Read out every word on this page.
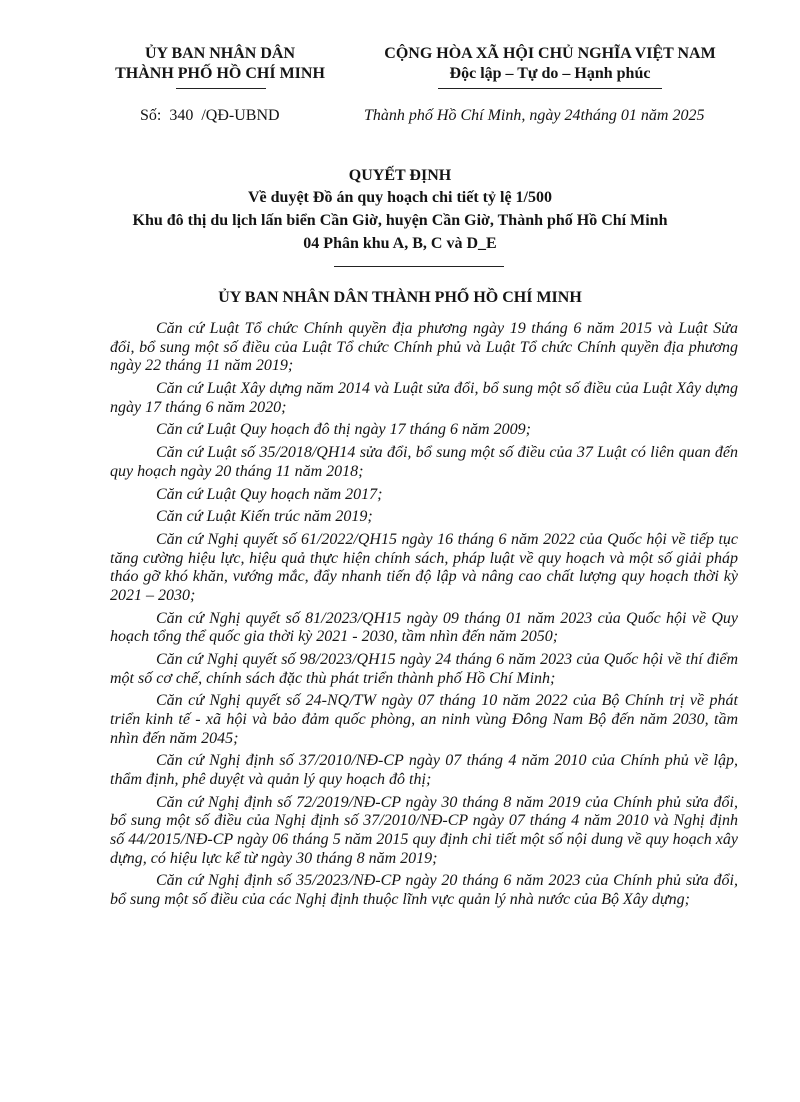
ỦY BAN NHÂN DÂN
THÀNH PHỐ HỒ CHÍ MINH
CỘNG HÒA XÃ HỘI CHỦ NGHĨA VIỆT NAM
Độc lập – Tự do – Hạnh phúc
Số:  340  /QĐ-UBND	Thành phố Hồ Chí Minh, ngày 24tháng 01 năm 2025
QUYẾT ĐỊNH
Về duyệt Đồ án quy hoạch chi tiết tỷ lệ 1/500
Khu đô thị du lịch lấn biển Cần Giờ, huyện Cần Giờ, Thành phố Hồ Chí Minh
04 Phân khu A, B, C và D_E
ỦY BAN NHÂN DÂN THÀNH PHỐ HỒ CHÍ MINH

Căn cứ Luật Tổ chức Chính quyền địa phương ngày 19 tháng 6 năm 2015 và Luật Sửa đổi, bổ sung một số điều của Luật Tổ chức Chính phủ và Luật Tổ chức Chính quyền địa phương ngày 22 tháng 11 năm 2019;

Căn cứ Luật Xây dựng năm 2014 và Luật sửa đổi, bổ sung một số điều của Luật Xây dựng ngày 17 tháng 6 năm 2020;

Căn cứ Luật Quy hoạch đô thị ngày 17 tháng 6 năm 2009;

Căn cứ Luật số 35/2018/QH14 sửa đổi, bổ sung một số điều của 37 Luật có liên quan đến quy hoạch ngày 20 tháng 11 năm 2018;

Căn cứ Luật Quy hoạch năm 2017;

Căn cứ Luật Kiến trúc năm 2019;

Căn cứ Nghị quyết số 61/2022/QH15 ngày 16 tháng 6 năm 2022 của Quốc hội về tiếp tục tăng cường hiệu lực, hiệu quả thực hiện chính sách, pháp luật về quy hoạch và một số giải pháp tháo gỡ khó khăn, vướng mắc, đẩy nhanh tiến độ lập và nâng cao chất lượng quy hoạch thời kỳ 2021 – 2030;

Căn cứ Nghị quyết số 81/2023/QH15 ngày 09 tháng 01 năm 2023 của Quốc hội về Quy hoạch tổng thể quốc gia thời kỳ 2021 - 2030, tầm nhìn đến năm 2050;

Căn cứ Nghị quyết số 98/2023/QH15 ngày 24 tháng 6 năm 2023 của Quốc hội về thí điểm một số cơ chế, chính sách đặc thù phát triển thành phố Hồ Chí Minh;

Căn cứ Nghị quyết số 24-NQ/TW ngày 07 tháng 10 năm 2022 của Bộ Chính trị về phát triển kinh tế - xã hội và bảo đảm quốc phòng, an ninh vùng Đông Nam Bộ đến năm 2030, tầm nhìn đến năm 2045;

Căn cứ Nghị định số 37/2010/NĐ-CP ngày 07 tháng 4 năm 2010 của Chính phủ về lập, thẩm định, phê duyệt và quản lý quy hoạch đô thị;

Căn cứ Nghị định số 72/2019/NĐ-CP ngày 30 tháng 8 năm 2019 của Chính phủ sửa đổi, bổ sung một số điều của Nghị định số 37/2010/NĐ-CP ngày 07 tháng 4 năm 2010 và Nghị định số 44/2015/NĐ-CP ngày 06 tháng 5 năm 2015 quy định chi tiết một số nội dung về quy hoạch xây dựng, có hiệu lực kể từ ngày 30 tháng 8 năm 2019;

Căn cứ Nghị định số 35/2023/NĐ-CP ngày 20 tháng 6 năm 2023 của Chính phủ sửa đổi, bổ sung một số điều của các Nghị định thuộc lĩnh vực quản lý nhà nước của Bộ Xây dựng;
